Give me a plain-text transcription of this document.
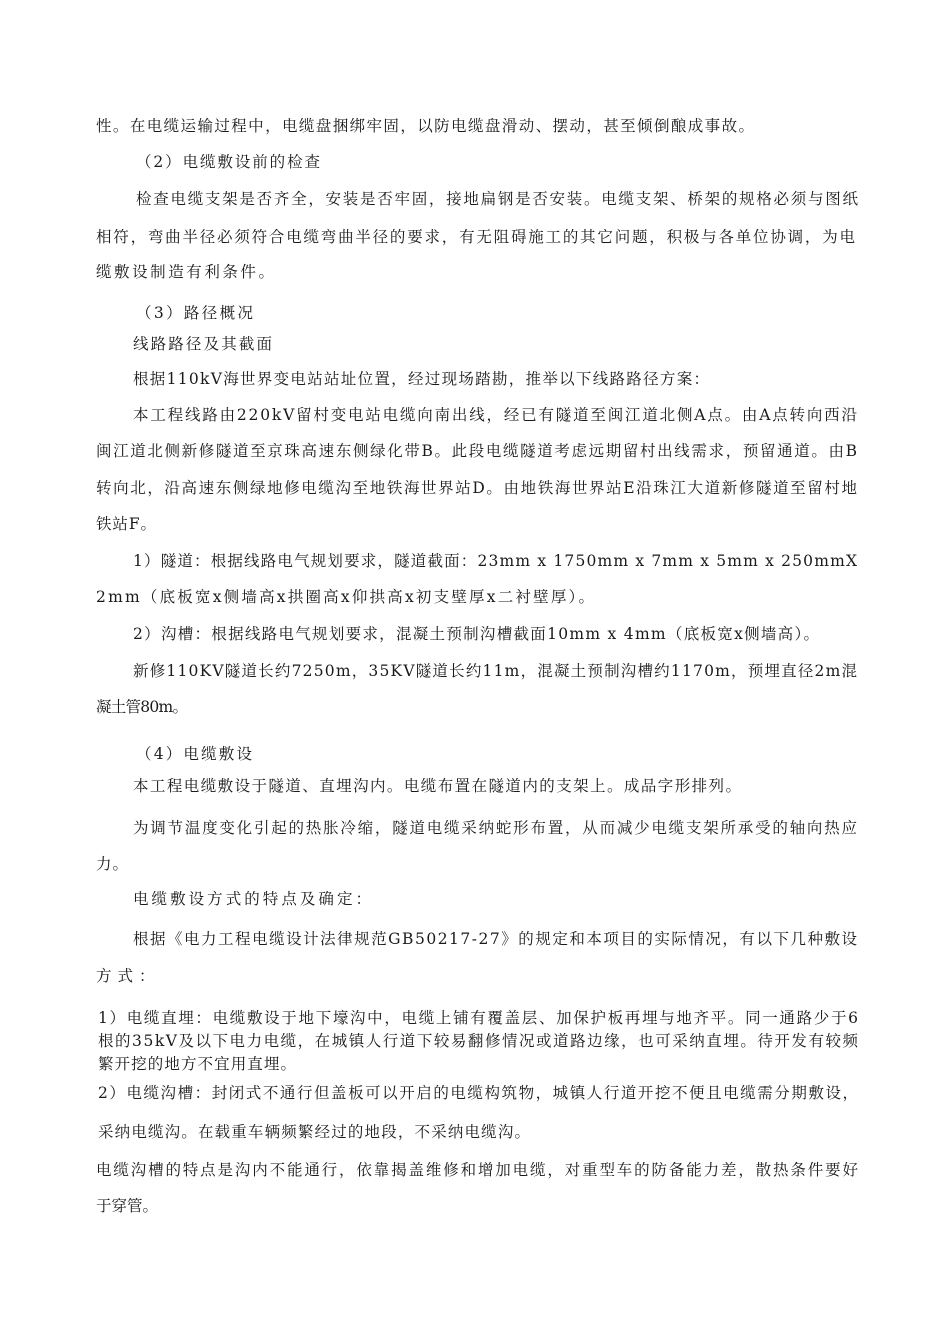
性。在电缆运输过程中，电缆盘捆绑牢固，以防电缆盘滑动、摆动，甚至倾倒酿成事故。
（2）电缆敷设前的检查
检查电缆支架是否齐全，安装是否牢固，接地扁钢是否安装。电缆支架、桥架的规格必须与图纸
相符，弯曲半径必须符合电缆弯曲半径的要求，有无阻碍施工的其它问题，积极与各单位协调，为电
缆敷设制造有利条件。
（3）路径概况
线路路径及其截面
根据110kV海世界变电站站址位置，经过现场踏勘，推举以下线路路径方案：
本工程线路由220kV留村变电站电缆向南出线，经已有隧道至闽江道北侧A点。由A点转向西沿
闽江道北侧新修隧道至京珠高速东侧绿化带B。此段电缆隧道考虑远期留村出线需求，预留通道。由B
转向北，沿高速东侧绿地修电缆沟至地铁海世界站D。由地铁海世界站E沿珠江大道新修隧道至留村地
铁站F。
1）隧道：根据线路电气规划要求，隧道截面：23mm x 1750mm x 7mm x 5mm x 250mmX
2mm（底板宽x侧墙高x拱圈高x仰拱高x初支壁厚x二衬壁厚）。
2）沟槽：根据线路电气规划要求，混凝土预制沟槽截面10mm x 4mm（底板宽x侧墙高）。
新修110KV隧道长约7250m，35KV隧道长约11m，混凝土预制沟槽约1170m，预埋直径2m混
凝土管80m。
（4）电缆敷设
本工程电缆敷设于隧道、直埋沟内。电缆布置在隧道内的支架上。成品字形排列。
为调节温度变化引起的热胀冷缩，隧道电缆采纳蛇形布置，从而减少电缆支架所承受的轴向热应
力。
电缆敷设方式的特点及确定：
根据《电力工程电缆设计法律规范GB50217-27》的规定和本项目的实际情况，有以下几种敷设
方式：
1）电缆直埋：电缆敷设于地下壕沟中，电缆上铺有覆盖层、加保护板再埋与地齐平。同一通路少于6
根的35kV及以下电力电缆，在城镇人行道下较易翻修情况或道路边缘，也可采纳直埋。待开发有较频
繁开挖的地方不宜用直埋。
2）电缆沟槽：封闭式不通行但盖板可以开启的电缆构筑物，城镇人行道开挖不便且电缆需分期敷设，
采纳电缆沟。在载重车辆频繁经过的地段，不采纳电缆沟。
电缆沟槽的特点是沟内不能通行，依靠揭盖维修和增加电缆，对重型车的防备能力差，散热条件要好
于穿管。
